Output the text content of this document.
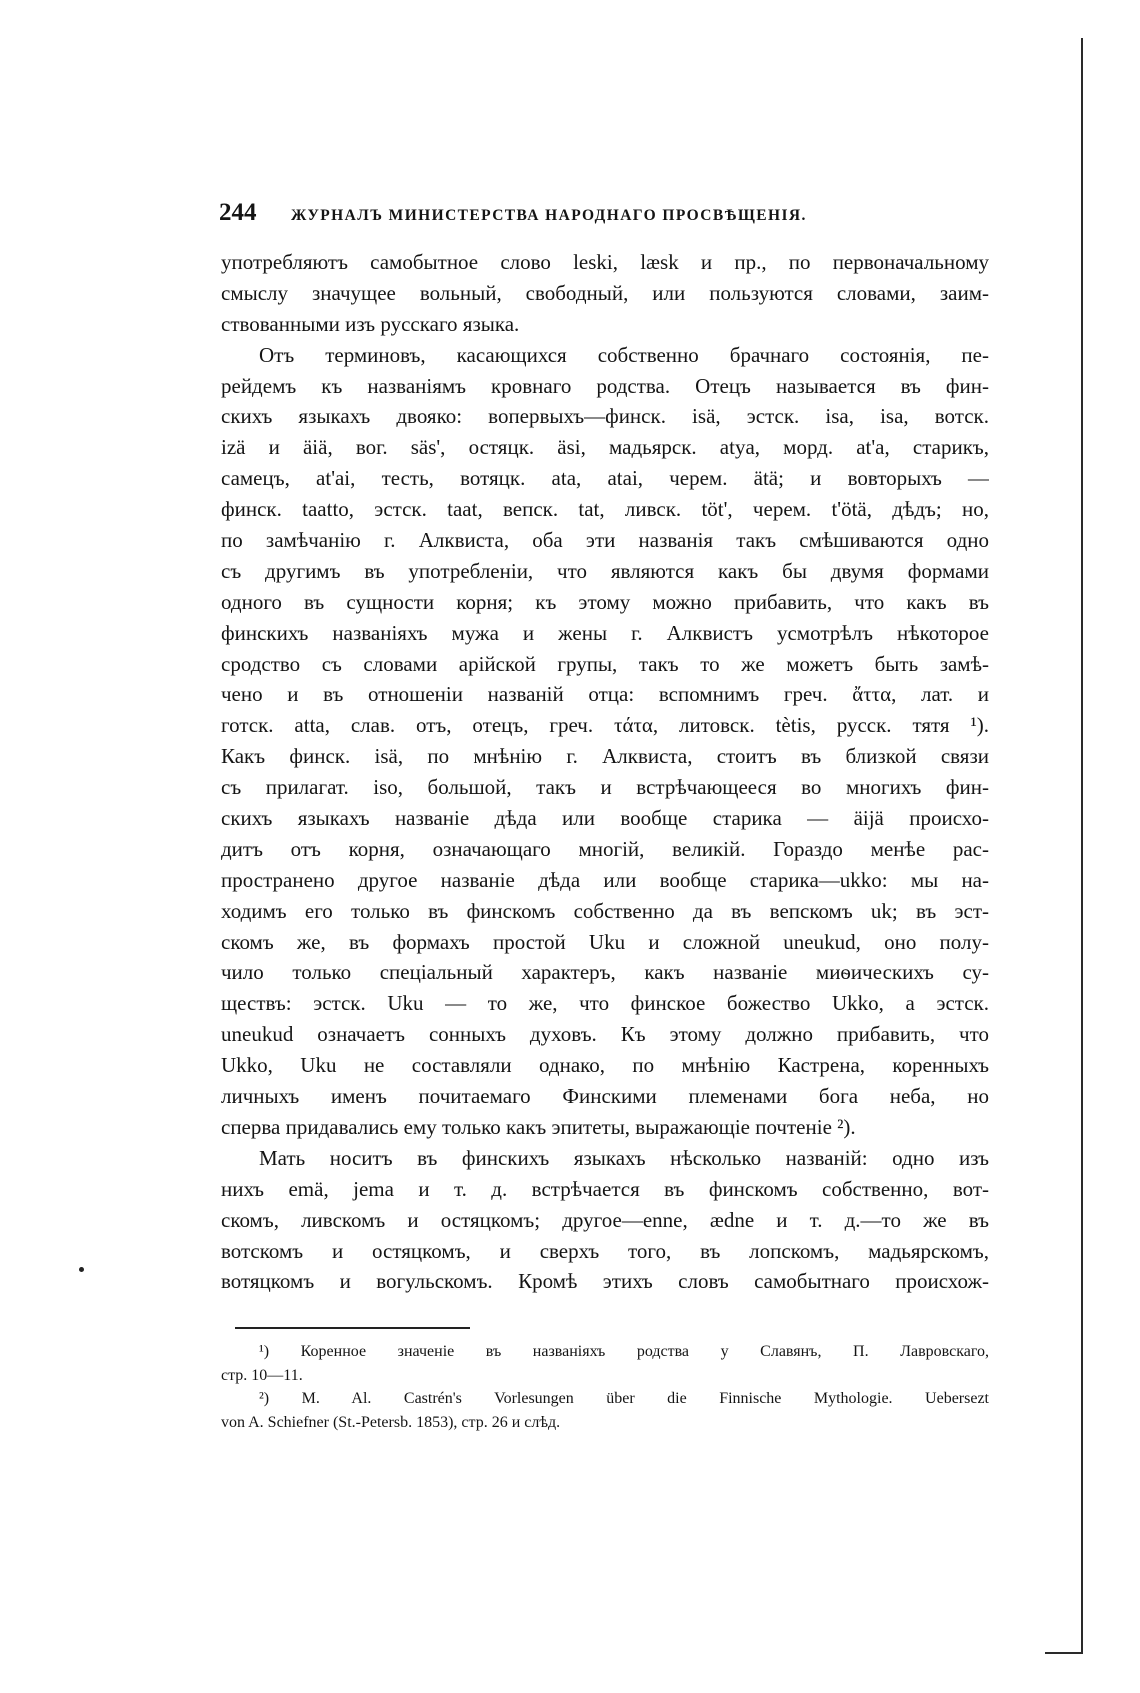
244	ЖУРНАЛЪ МИНИСТЕРСТВА НАРОДНАГО ПРОСВѢЩЕНІЯ.
употребляютъ самобытное слово leski, læsk и пр., по первоначальному
смыслу значущее вольный, свободный, или пользуются словами, заим-
ствованными изъ русскаго языка.
Отъ терминовъ, касающихся собственно брачнаго состоянія, пе-
рейдемъ къ названіямъ кровнаго родства. Отецъ называется въ фин-
скихъ языкахъ двояко: вопервыхъ—финск. isä, эстск. isa, isa, вотск.
izä и äiä, вог. säs', остяцк. äsi, мадьярск. atya, морд. at'a, старикъ,
самецъ, at'ai, тесть, вотяцк. ata, atai, черем. ätä; и вовторыхъ —
финск. taatto, эстск. taat, вепск. tat, ливск. töt', черем. t'ötä, дѣдъ; но,
по замѣчанію г. Алквиста, оба эти названія такъ смѣшиваются одно
съ другимъ въ употребленіи, что являются какъ бы двумя формами
одного въ сущности корня; къ этому можно прибавить, что какъ въ
финскихъ названіяхъ мужа и жены г. Алквистъ усмотрѣлъ нѣкоторое
сродство съ словами арійской групы, такъ то же можетъ быть замѣ-
чено и въ отношеніи названій отца: вспомнимъ греч. ἄττα, лат. и
готск. atta, слав. отъ, отецъ, греч. τάτα, литовск. tètis, русск. тятя ¹).
Какъ финск. isä, по мнѣнію г. Алквиста, стоитъ въ близкой связи
съ прилагат. iso, большой, такъ и встрѣчающееся во многихъ фин-
скихъ языкахъ названіе дѣда или вообще старика — äijä происхо-
дитъ отъ корня, означающаго многій, великій. Гораздо менѣе рас-
пространено другое названіе дѣда или вообще старика—ukko: мы на-
ходимъ его только въ финскомъ собственно да въ вепскомъ uk; въ эст-
скомъ же, въ формахъ простой Uku и сложной uneukud, оно полу-
чило только спеціальный характеръ, какъ названіе миѳическихъ су-
ществъ: эстск. Uku — то же, что финское божество Ukko, а эстск.
uneukud означаетъ сонныхъ духовъ. Къ этому должно прибавить, что
Ukko, Uku не составляли однако, по мнѣнію Кастрена, коренныхъ
личныхъ именъ почитаемаго Финскими племенами бога неба, но
сперва придавались ему только какъ эпитеты, выражающіе почтеніе ²).
Мать носитъ въ финскихъ языкахъ нѣсколько названій: одно изъ
нихъ emä, jema и т. д. встрѣчается въ финскомъ собственно, вот-
скомъ, ливскомъ и остяцкомъ; другое—enne, ædne и т. д.—то же въ
вотскомъ и остяцкомъ, и сверхъ того, въ лопскомъ, мадьярскомъ,
вотяцкомъ и вогульскомъ. Кромѣ этихъ словъ самобытнаго происхож-
¹) Коренное значеніе въ названіяхъ родства у Славянъ, П. Лавровскаго,
стр. 10—11.
²) M. Al. Castrén's Vorlesungen über die Finnische Mythologie. Uebersezt
von A. Schiefner (St.-Petersb. 1853), стр. 26 и слѣд.
